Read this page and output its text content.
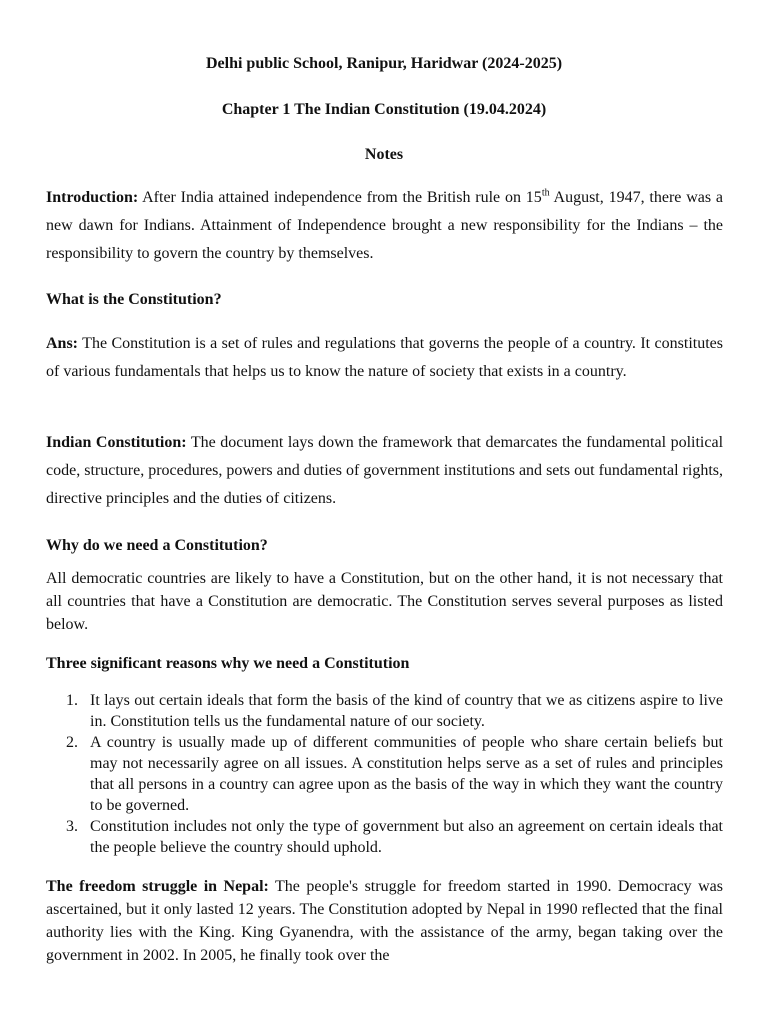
Delhi public School, Ranipur, Haridwar (2024-2025)

Chapter 1 The Indian Constitution (19.04.2024)

Notes

Introduction: After India attained independence from the British rule on 15th August, 1947, there was a new dawn for Indians. Attainment of Independence brought a new responsibility for the Indians – the responsibility to govern the country by themselves.

What is the Constitution?

Ans: The Constitution is a set of rules and regulations that governs the people of a country. It constitutes of various fundamentals that helps us to know the nature of society that exists in a country.

Indian Constitution: The document lays down the framework that demarcates the fundamental political code, structure, procedures, powers and duties of government institutions and sets out fundamental rights, directive principles and the duties of citizens.

Why do we need a Constitution?

All democratic countries are likely to have a Constitution, but on the other hand, it is not necessary that all countries that have a Constitution are democratic. The Constitution serves several purposes as listed below.

Three significant reasons why we need a Constitution

1. It lays out certain ideals that form the basis of the kind of country that we as citizens aspire to live in. Constitution tells us the fundamental nature of our society.
2. A country is usually made up of different communities of people who share certain beliefs but may not necessarily agree on all issues. A constitution helps serve as a set of rules and principles that all persons in a country can agree upon as the basis of the way in which they want the country to be governed.
3. Constitution includes not only the type of government but also an agreement on certain ideals that the people believe the country should uphold.

The freedom struggle in Nepal: The people's struggle for freedom started in 1990. Democracy was ascertained, but it only lasted 12 years. The Constitution adopted by Nepal in 1990 reflected that the final authority lies with the King. King Gyanendra, with the assistance of the army, began taking over the government in 2002. In 2005, he finally took over the
